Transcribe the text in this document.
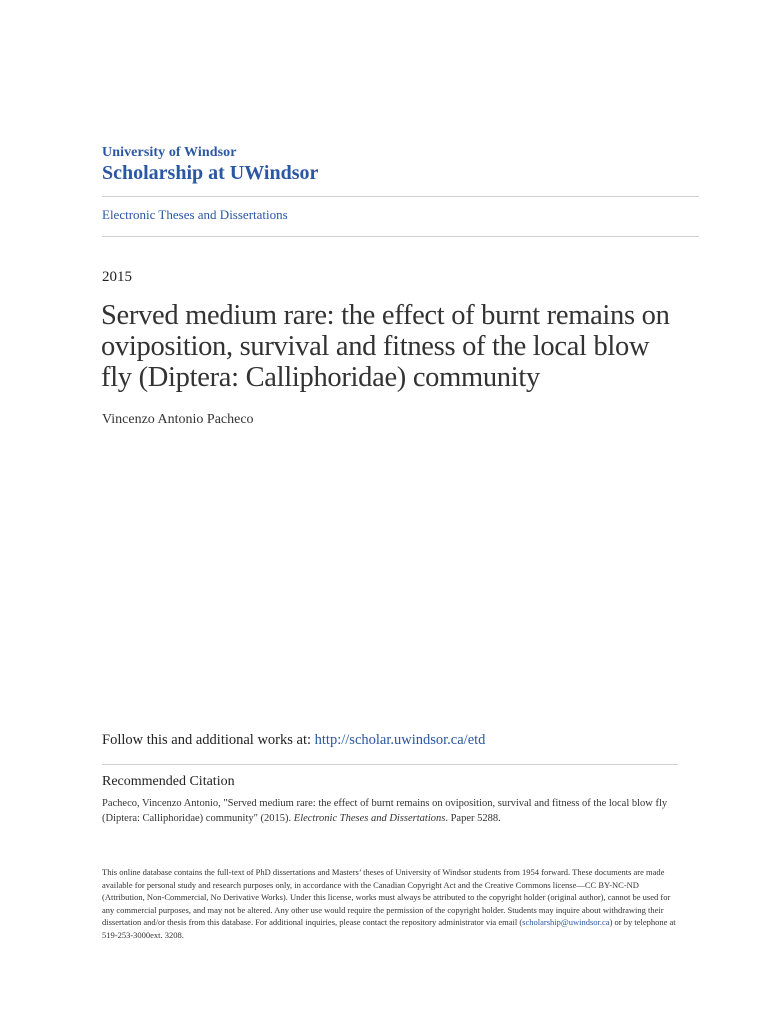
University of Windsor
Scholarship at UWindsor
Electronic Theses and Dissertations
2015
Served medium rare: the effect of burnt remains on oviposition, survival and fitness of the local blow fly (Diptera: Calliphoridae) community
Vincenzo Antonio Pacheco
Follow this and additional works at: http://scholar.uwindsor.ca/etd
Recommended Citation
Pacheco, Vincenzo Antonio, "Served medium rare: the effect of burnt remains on oviposition, survival and fitness of the local blow fly (Diptera: Calliphoridae) community" (2015). Electronic Theses and Dissertations. Paper 5288.
This online database contains the full-text of PhD dissertations and Masters’ theses of University of Windsor students from 1954 forward. These documents are made available for personal study and research purposes only, in accordance with the Canadian Copyright Act and the Creative Commons license—CC BY-NC-ND (Attribution, Non-Commercial, No Derivative Works). Under this license, works must always be attributed to the copyright holder (original author), cannot be used for any commercial purposes, and may not be altered. Any other use would require the permission of the copyright holder. Students may inquire about withdrawing their dissertation and/or thesis from this database. For additional inquiries, please contact the repository administrator via email (scholarship@uwindsor.ca) or by telephone at 519-253-3000ext. 3208.
